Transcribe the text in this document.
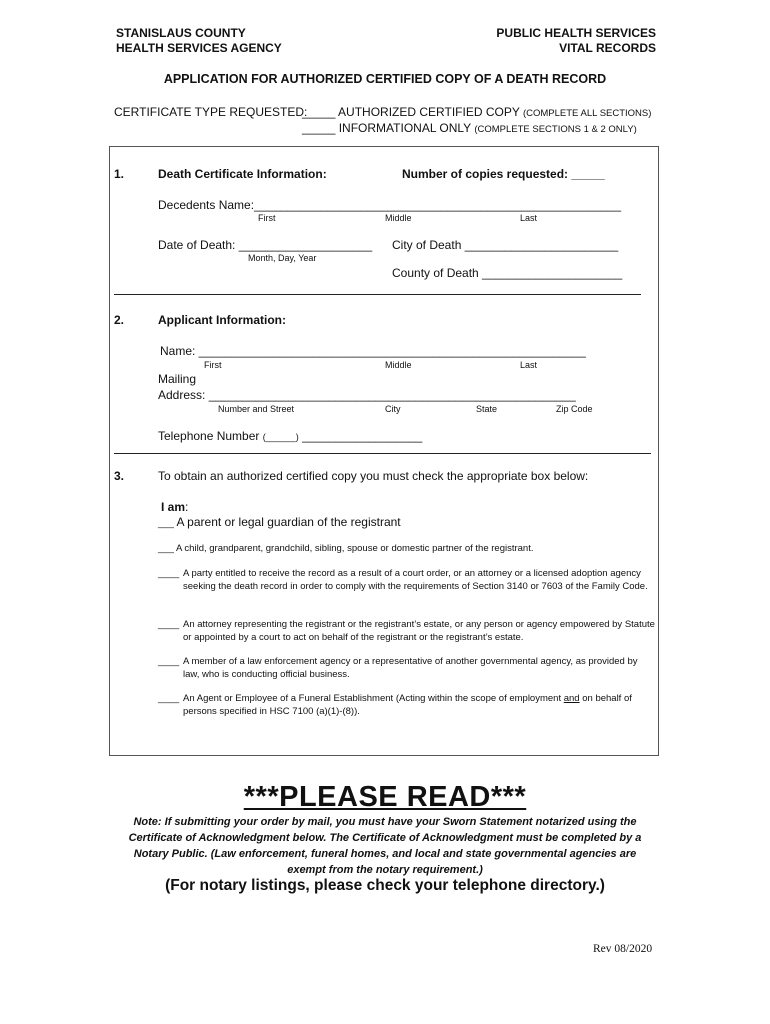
STANISLAUS COUNTY
HEALTH SERVICES AGENCY
PUBLIC HEALTH SERVICES
VITAL RECORDS
APPLICATION FOR AUTHORIZED CERTIFIED COPY OF A DEATH RECORD
CERTIFICATE TYPE REQUESTED:
_____ AUTHORIZED CERTIFIED COPY (COMPLETE ALL SECTIONS)
_____ INFORMATIONAL ONLY (COMPLETE SECTIONS 1 & 2 ONLY)
1.	Death Certificate Information:	Number of copies requested: _____
Decedents Name:_______________________________________________________
First	Middle	Last
Date of Death: ____________________
Month, Day, Year
City of Death _______________________
County of Death _____________________
2.	Applicant Information:
Name: __________________________________________________________
First	Middle	Last
Mailing
Address: _______________________________________________________
Number and Street	City	State	Zip Code
Telephone Number (______) __________________
3.	To obtain an authorized certified copy you must check the appropriate box below:
I am:
___ A parent or legal guardian of the registrant
___ A child, grandparent, grandchild, sibling, spouse or domestic partner of the registrant.
____ A party entitled to receive the record as a result of a court order, or an attorney or a licensed adoption agency seeking the death record in order to comply with the requirements of Section 3140 or 7603 of the Family Code.
____ An attorney representing the registrant or the registrant’s estate, or any person or agency empowered by Statute or appointed by a court to act on behalf of the registrant or the registrant’s estate.
____ A member of a law enforcement agency or a representative of another governmental agency, as provided by law, who is conducting official business.
____ An Agent or Employee of a Funeral Establishment (Acting within the scope of employment and on behalf of persons specified in HSC 7100 (a)(1)-(8)).
***PLEASE READ***
Note: If submitting your order by mail, you must have your Sworn Statement notarized using the Certificate of Acknowledgment below. The Certificate of Acknowledgment must be completed by a Notary Public. (Law enforcement, funeral homes, and local and state governmental agencies are exempt from the notary requirement.)
(For notary listings, please check your telephone directory.)
Rev 08/2020
